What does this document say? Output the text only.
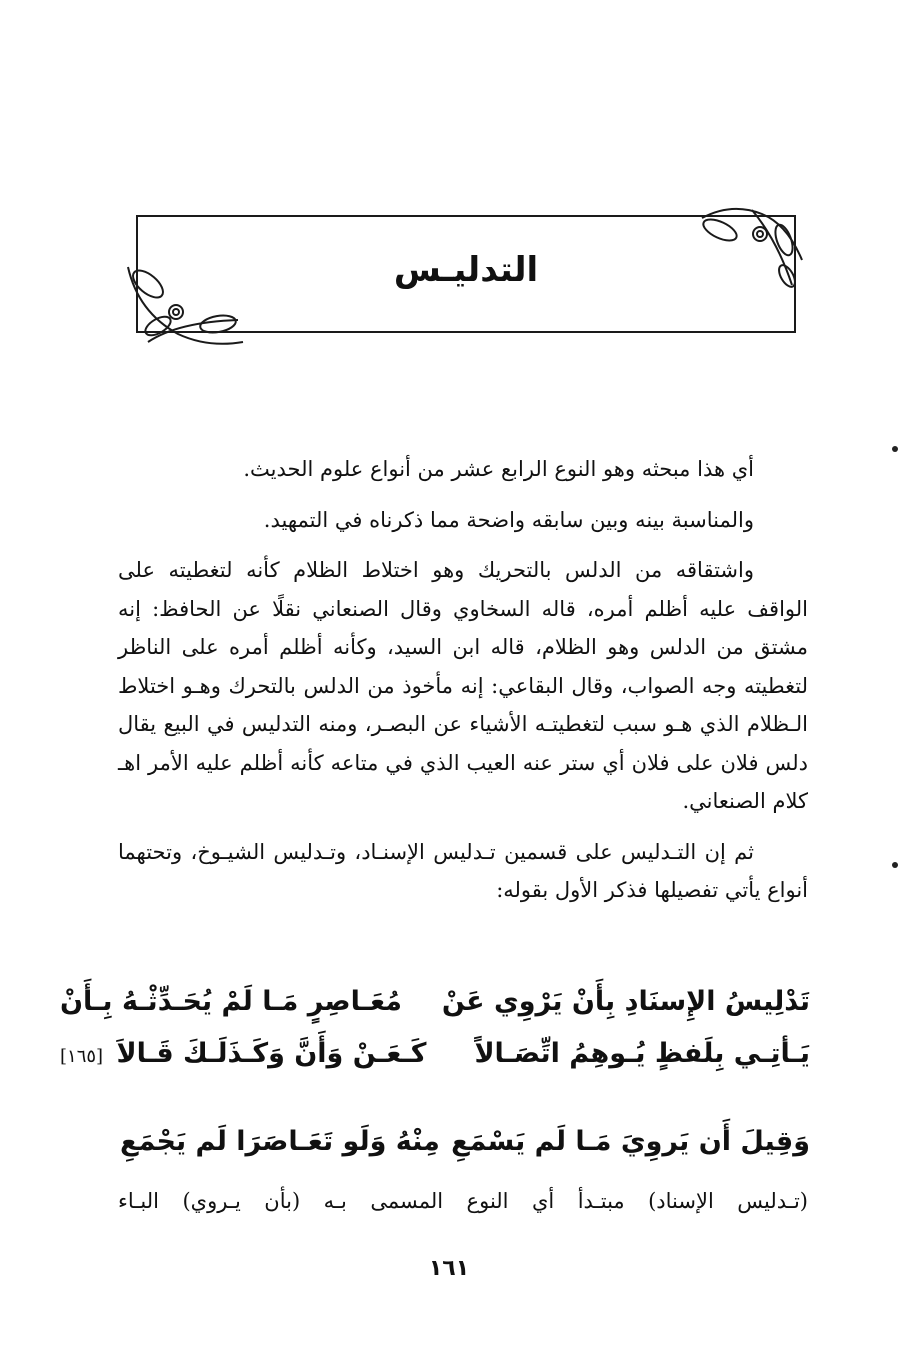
التدليـس

أي هذا مبحثه وهو النوع الرابع عشر من أنواع علوم الحديث.

والمناسبة بينه وبين سابقه واضحة مما ذكرناه في التمهيد.

واشتقاقه من الدلس بالتحريك وهو اختلاط الظلام كأنه لتغطيته على الواقف عليه أظلم أمره، قاله السخاوي وقال الصنعاني نقلًا عن الحافظ: إنه مشتق من الدلس وهو الظلام، قاله ابن السيد، وكأنه أظلم أمره على الناظر لتغطيته وجه الصواب، وقال البقاعي: إنه مأخوذ من الدلس بالتحرك وهـو اختلاط الـظلام الذي هـو سبب لتغطيتـه الأشياء عن البصـر، ومنه التدليس في البيع يقال دلس فلان على فلان أي ستر عنه العيب الذي في متاعه كأنه أظلم عليه الأمر اهـ كلام الصنعاني.

ثم إن التـدليس على قسمين تـدليس الإسنـاد، وتـدليس الشيـوخ، وتحتهما أنواع يأتي تفصيلها فذكر الأول بقوله:

تَدْلِيسُ الإِسنَادِ بِأَنْ يَرْوِي عَنْ
مُعَـاصِرٍ مَـا لَمْ يُحَـدِّثْـهُ بِـأَنْ
يَـأتِـي بِلَفظٍ يُـوهِمُ اتِّصَـالاً
كَـعَـنْ وَأَنَّ وَكَـذَلَـكَ قَـالاَ [١٦٥]
وَقِيلَ أَن يَروِيَ مَـا لَم يَسْمَعِ
مِنْهُ وَلَو تَعَـاصَرَا لَم يَجْمَعِ
(تـدليس الإسناد) مبتـدأ أي النوع المسمى بـه (بأن يـروي) البـاء
١٦١
